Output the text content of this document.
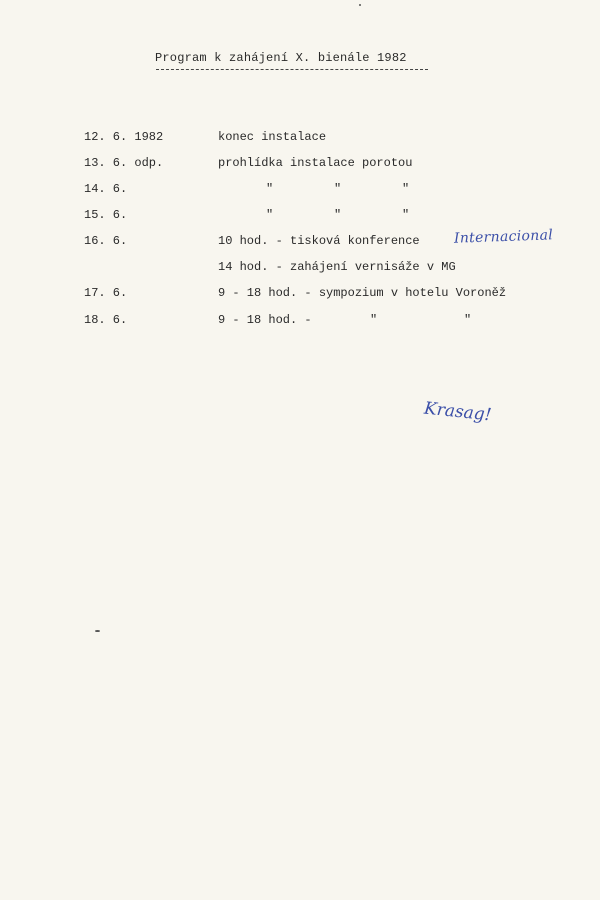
Program k zahájení X. bienále 1982
12. 6. 1982	konec instalace
13. 6. odp.	prohlídka instalace porotou
14. 6.	"	"	"
15. 6.	"	"	"
16. 6.	10 hod. - tisková konference
14 hod. - zahájení vernisáže v MG
17. 6.	9 - 18 hod. - sympozium v hotelu Voroněž
18. 6.	9 - 18 hod. -	"	"
Internacional
Krasag!
